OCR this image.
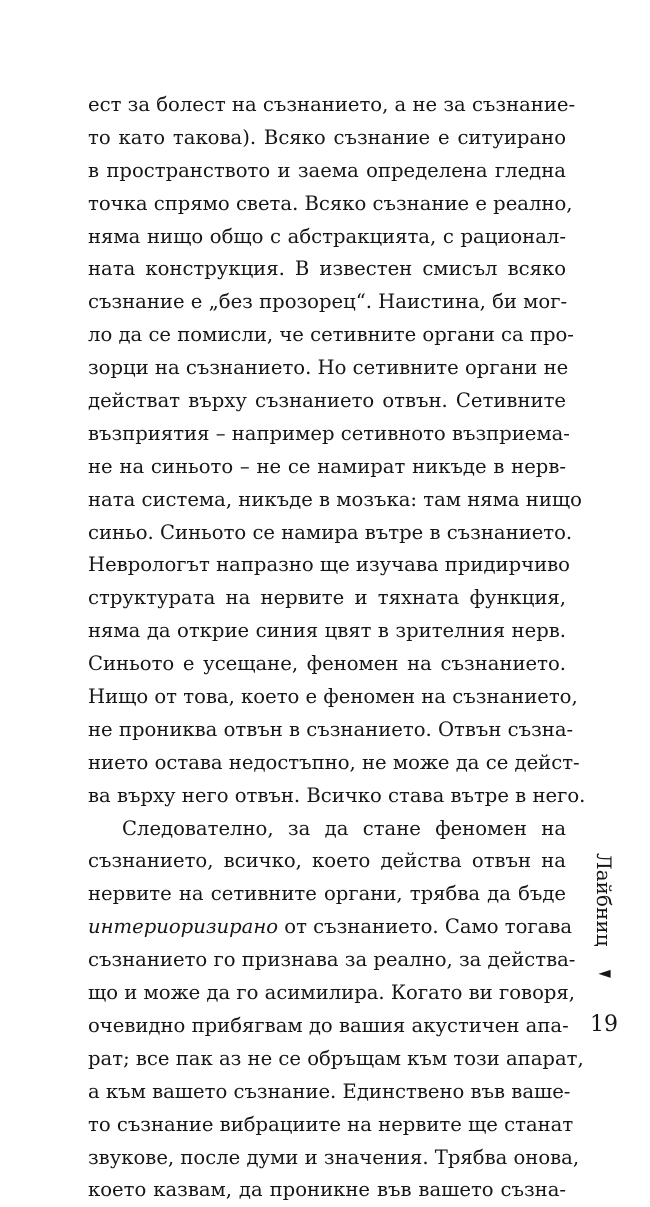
ест за болест на съзнанието, а не за съзнание-
то като такова). Всяко съзнание е ситуирано
в пространството и заема определена гледна
точка спрямо света. Всяко съзнание е реално,
няма нищо общо с абстракцията, с рационал-
ната конструкция. В известен смисъл всяко
съзнание е „без прозорец“. Наистина, би мог-
ло да се помисли, че сетивните органи са про-
зорци на съзнанието. Но сетивните органи не
действат върху съзнанието отвън. Сетивните
възприятия – например сетивното възприема-
не на синьото – не се намират никъде в нерв-
ната система, никъде в мозъка: там няма нищо
синьо. Синьото се намира вътре в съзнанието.
Неврологът напразно ще изучава придирчиво
структурата на нервите и тяхната функция,
няма да открие синия цвят в зрителния нерв.
Синьото е усещане, феномен на съзнанието.
Нищо от това, което е феномен на съзнанието,
не прониква отвън в съзнанието. Отвън съзна-
нието остава недостъпно, не може да се дейст-
ва върху него отвън. Всичко става вътре в него.
Следователно, за да стане феномен на
съзнанието, всичко, което действа отвън на
нервите на сетивните органи, трябва да бъде
интериоризирано от съзнанието. Само тогава
съзнанието го признава за реално, за действа-
що и може да го асимилира. Когато ви говоря,
очевидно прибягвам до вашия акустичен апа-
рат; все пак аз не се обръщам към този апарат,
а към вашето съзнание. Единствено във вашe-
то съзнание вибрациите на нервите ще станат
звукове, после думи и значения. Трябва онова,
което казвам, да проникне във вашето съзна-
Лайбниц ◄
19
